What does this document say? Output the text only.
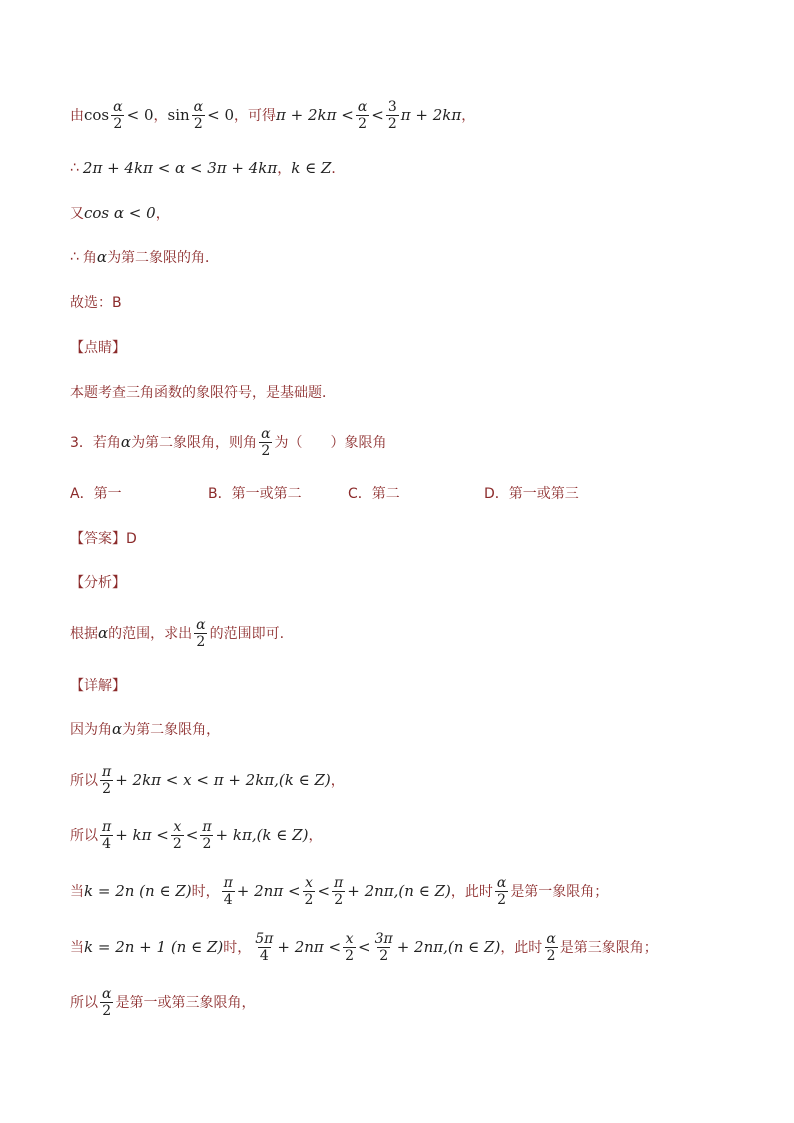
由 $\cos \frac{\alpha}{2} < 0$ ， $\sin \frac{\alpha}{2} < 0$ ，可得 $\pi + 2k\pi < \frac{\alpha}{2} < \frac{3}{2}$ π + 2kπ ，
∴ 2π + 4kπ < α < 3π + 4kπ ， k ∈ Z ．
又 cos α < 0 ，
∴ 角 α 为第二象限的角．
故选：B
【点睛】
本题考查三角函数的象限符号，是基础题．
3．若角 α 为第二象限角，则角 $\frac{\alpha}{2}$ 为（　　）象限角
A．第一	B．第一或第二	C．第二	D．第一或第三
【答案】D
【分析】
根据 α 的范围，求出 $\frac{\alpha}{2}$ 的范围即可.
【详解】
因为角 α 为第二象限角，
所以 $\frac{\pi}{2} + 2k\pi < x < \pi + 2k\pi,(k$ ∈ Z) ，
所以 $\frac{\pi}{4} + k\pi < \frac{x}{2} < \frac{\pi}{2} + k\pi,(k$ ∈ Z) ，
当 k = 2n (n ∈ Z) 时， $\frac{\pi}{4} + 2n\pi < \frac{x}{2} < \frac{\pi}{2} + 2n\pi,(n$ ∈ Z) ，此时 $\frac{\alpha}{2}$ 是第一象限角；
当 k = 2n + 1 (n ∈ Z) 时， $\frac{5\pi}{4} + 2n\pi < \frac{x}{2} < \frac{3\pi}{2} + 2n\pi,(n$ ∈ Z) ，此时 $\frac{\alpha}{2}$ 是第三象限角；
所以 $\frac{\alpha}{2}$ 是第一或第三象限角，
